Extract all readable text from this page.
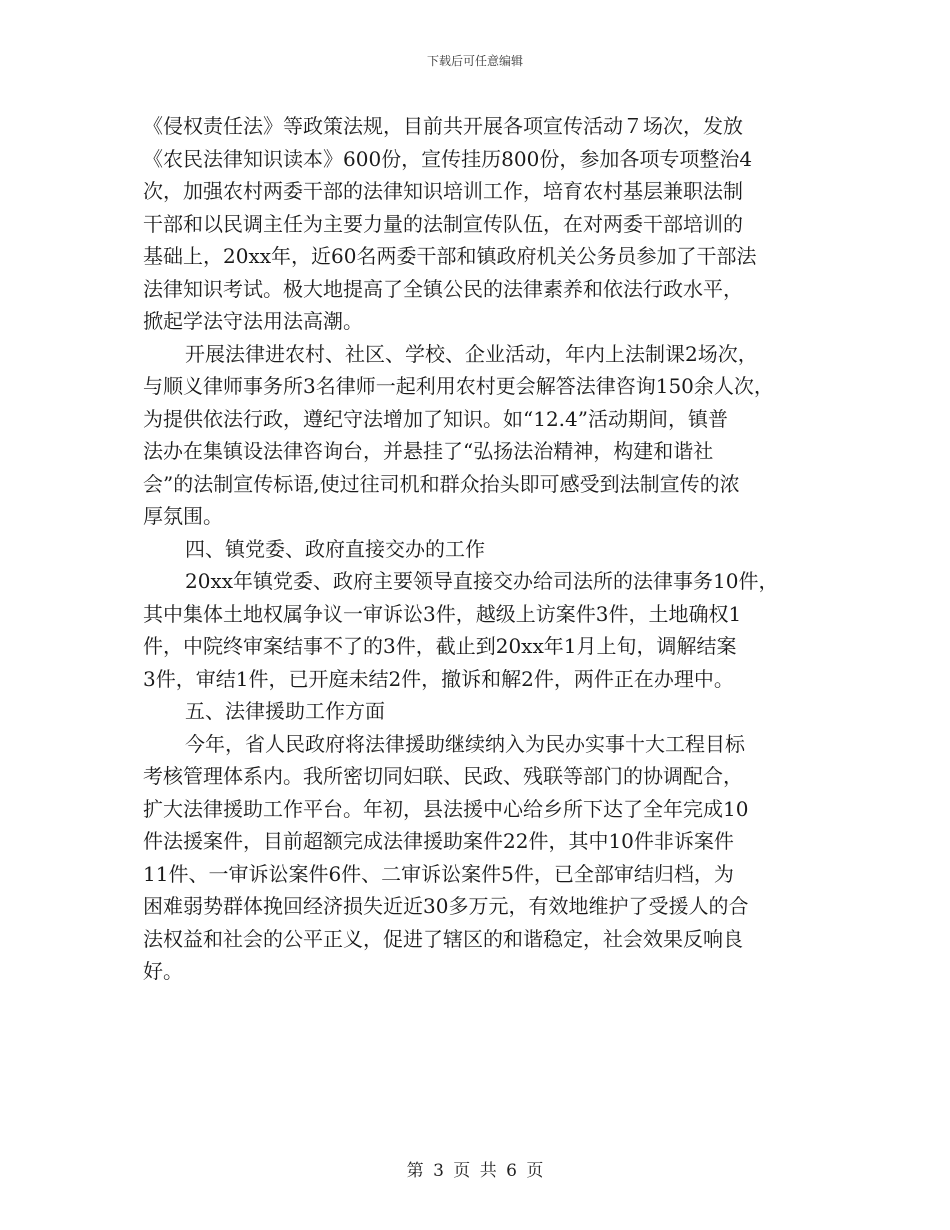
下载后可任意编辑
《侵权责任法》等政策法规，目前共开展各项宣传活动７场次，发放
《农民法律知识读本》600份，宣传挂历800份，参加各项专项整治4
次，加强农村两委干部的法律知识培训工作，培育农村基层兼职法制
干部和以民调主任为主要力量的法制宣传队伍，在对两委干部培训的
基础上，20xx年，近60名两委干部和镇政府机关公务员参加了干部法
法律知识考试。极大地提高了全镇公民的法律素养和依法行政水平，
掀起学法守法用法高潮。
开展法律进农村、社区、学校、企业活动，年内上法制课2场次，
与顺义律师事务所3名律师一起利用农村更会解答法律咨询150余人次，
为提供依法行政，遵纪守法增加了知识。如“12.4”活动期间，镇普
法办在集镇设法律咨询台，并悬挂了“弘扬法治精神，构建和谐社
会”的法制宣传标语,使过往司机和群众抬头即可感受到法制宣传的浓
厚氛围。
四、镇党委、政府直接交办的工作
20xx年镇党委、政府主要领导直接交办给司法所的法律事务10件，
其中集体土地权属争议一审诉讼3件，越级上访案件3件，土地确权1
件，中院终审案结事不了的3件，截止到20xx年1月上旬，调解结案
3件，审结1件，已开庭未结2件，撤诉和解2件，两件正在办理中。
五、法律援助工作方面
今年，省人民政府将法律援助继续纳入为民办实事十大工程目标
考核管理体系内。我所密切同妇联、民政、残联等部门的协调配合，
扩大法律援助工作平台。年初，县法援中心给乡所下达了全年完成10
件法援案件，目前超额完成法律援助案件22件，其中10件非诉案件
11件、一审诉讼案件6件、二审诉讼案件5件，已全部审结归档，为
困难弱势群体挽回经济损失近近30多万元，有效地维护了受援人的合
法权益和社会的公平正义，促进了辖区的和谐稳定，社会效果反响良
好。
第 3 页 共 6 页
